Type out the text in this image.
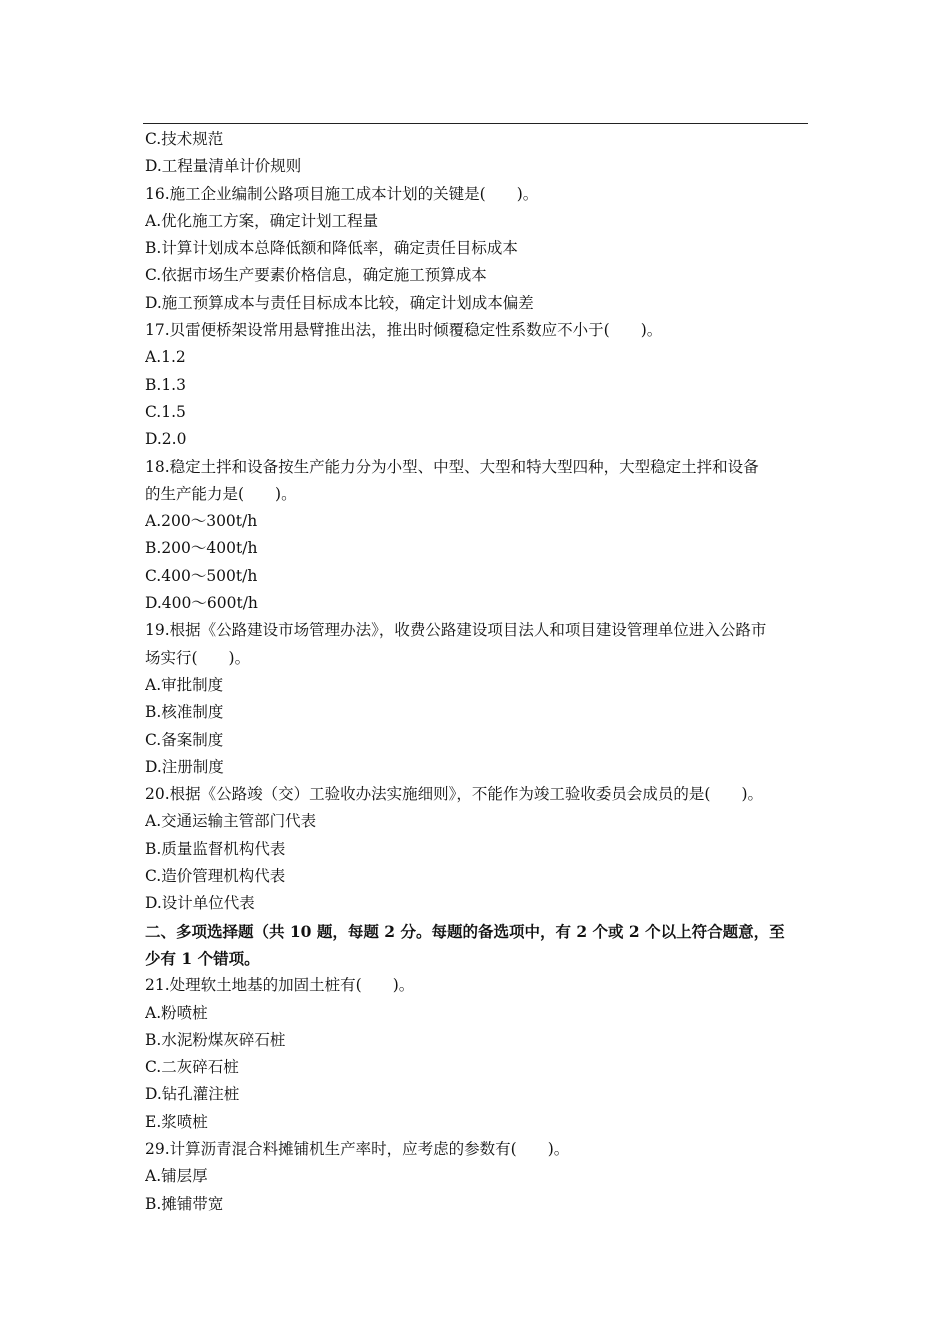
C.技术规范
D.工程量清单计价规则
16.施工企业编制公路项目施工成本计划的关键是(　　)。
A.优化施工方案，确定计划工程量
B.计算计划成本总降低额和降低率，确定责任目标成本
C.依据市场生产要素价格信息，确定施工预算成本
D.施工预算成本与责任目标成本比较，确定计划成本偏差
17.贝雷便桥架设常用悬臂推出法，推出时倾覆稳定性系数应不小于(　　)。
A.1.2
B.1.3
C.1.5
D.2.0
18.稳定土拌和设备按生产能力分为小型、中型、大型和特大型四种，大型稳定土拌和设备
的生产能力是(　　)。
A.200～300t/h
B.200～400t/h
C.400～500t/h
D.400～600t/h
19.根据《公路建设市场管理办法》，收费公路建设项目法人和项目建设管理单位进入公路市
场实行(　　)。
A.审批制度
B.核准制度
C.备案制度
D.注册制度
20.根据《公路竣（交）工验收办法实施细则》，不能作为竣工验收委员会成员的是(　　)。
A.交通运输主管部门代表
B.质量监督机构代表
C.造价管理机构代表
D.设计单位代表
二、多项选择题（共 10 题，每题 2 分。每题的备选项中，有 2 个或 2 个以上符合题意，至
少有 1 个错项。
21.处理软土地基的加固土桩有(　　)。
A.粉喷桩
B.水泥粉煤灰碎石桩
C.二灰碎石桩
D.钻孔灌注桩
E.浆喷桩
29.计算沥青混合料摊铺机生产率时，应考虑的参数有(　　)。
A.铺层厚
B.摊铺带宽
